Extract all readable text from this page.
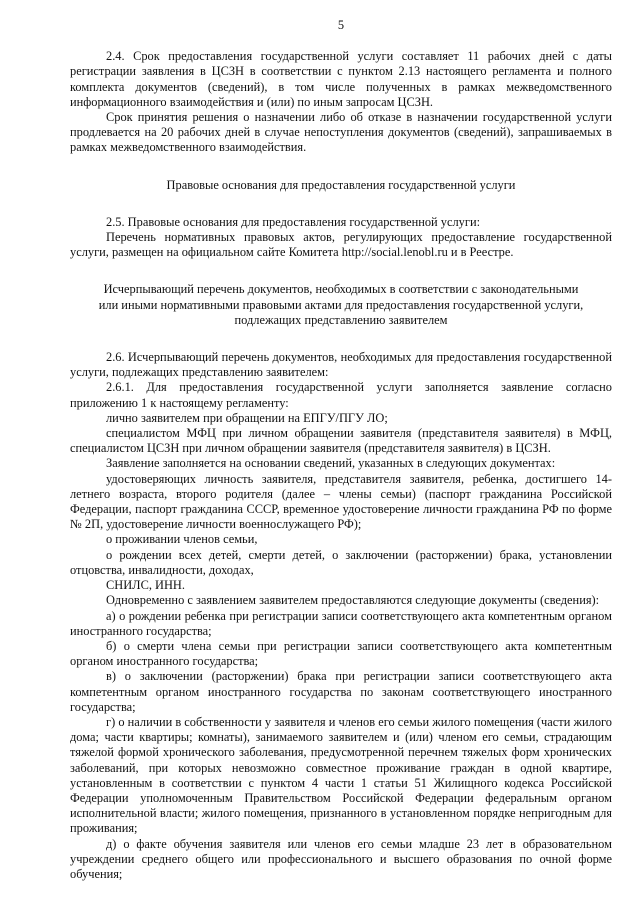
5

2.4. Срок предоставления государственной услуги составляет 11 рабочих дней с даты регистрации заявления в ЦСЗН в соответствии с пунктом 2.13 настоящего регламента и полного комплекта документов (сведений), в том числе полученных в рамках межведомственного информационного взаимодействия и (или) по иным запросам ЦСЗН.

Срок принятия решения о назначении либо об отказе в назначении государственной услуги продлевается на 20 рабочих дней в случае непоступления документов (сведений), запрашиваемых в рамках межведомственного взаимодействия.

Правовые основания для предоставления государственной услуги

2.5. Правовые основания для предоставления государственной услуги:

Перечень нормативных правовых актов, регулирующих предоставление государственной услуги, размещен на официальном сайте Комитета http://social.lenobl.ru и в Реестре.

Исчерпывающий перечень документов, необходимых в соответствии с законодательными

или иными нормативными правовыми актами для предоставления государственной услуги,

подлежащих представлению заявителем

2.6. Исчерпывающий перечень документов, необходимых для предоставления государственной услуги, подлежащих представлению заявителем:

2.6.1. Для предоставления государственной услуги заполняется заявление согласно приложению 1 к настоящему регламенту:

лично заявителем при обращении на ЕПГУ/ПГУ ЛО;

специалистом МФЦ при личном обращении заявителя (представителя заявителя) в МФЦ, специалистом ЦСЗН при личном обращении заявителя (представителя заявителя) в ЦСЗН.

Заявление заполняется на основании сведений, указанных в следующих документах:

удостоверяющих личность заявителя, представителя заявителя, ребенка, достигшего 14-летнего возраста, второго родителя (далее – члены семьи) (паспорт гражданина Российской Федерации, паспорт гражданина СССР, временное удостоверение личности гражданина РФ по форме № 2П, удостоверение личности военнослужащего РФ);

о проживании членов семьи,

о рождении всех детей, смерти детей, о заключении (расторжении) брака, установлении отцовства, инвалидности, доходах,

СНИЛС, ИНН.

Одновременно с заявлением заявителем предоставляются следующие документы (сведения):

а) о рождении ребенка при регистрации записи соответствующего акта компетентным органом иностранного государства;

б) о смерти члена семьи при регистрации записи соответствующего акта компетентным органом иностранного государства;

в) о заключении (расторжении) брака при регистрации записи соответствующего акта компетентным органом иностранного государства по законам соответствующего иностранного государства;

г) о наличии в собственности у заявителя и членов его семьи жилого помещения (части жилого дома; части квартиры; комнаты), занимаемого заявителем и (или) членом его семьи, страдающим тяжелой формой хронического заболевания, предусмотренной перечнем тяжелых форм хронических заболеваний, при которых невозможно совместное проживание граждан в одной квартире, установленным в соответствии с пунктом 4 части 1 статьи 51 Жилищного кодекса Российской Федерации уполномоченным Правительством Российской Федерации федеральным органом исполнительной власти; жилого помещения, признанного в установленном порядке непригодным для проживания;

д) о факте обучения заявителя или членов его семьи младше 23 лет в образовательном учреждении среднего общего или профессионального и высшего образования по очной форме обучения;
